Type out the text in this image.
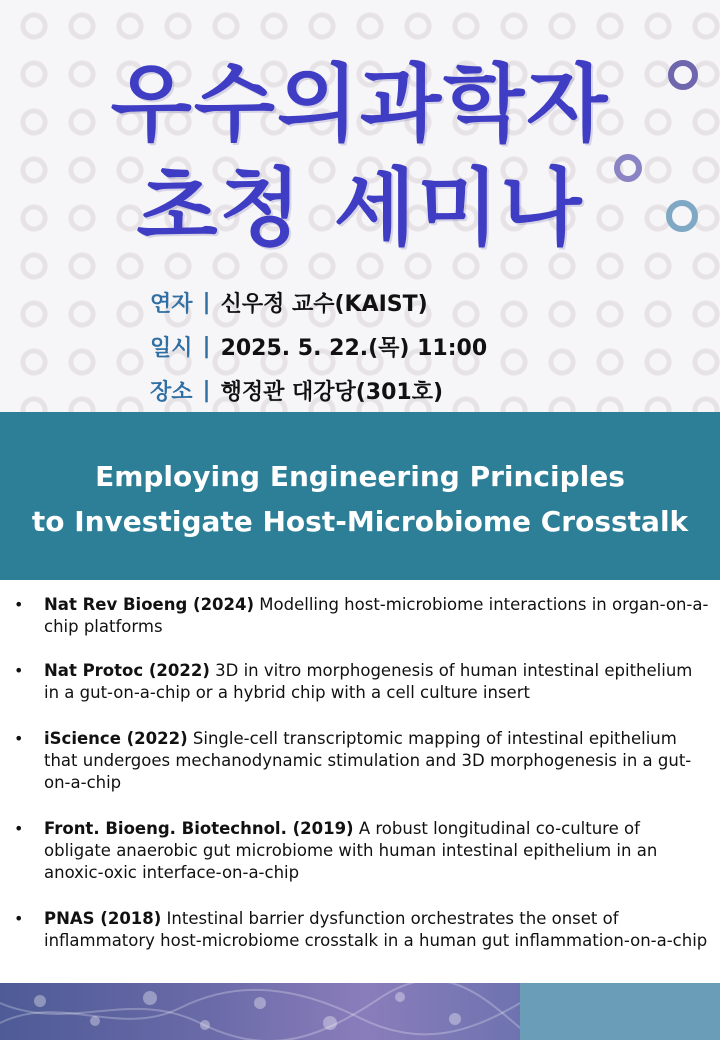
우수의과학자
초청 세미나
연자 | 신우정 교수(KAIST)
일시 | 2025. 5. 22.(목) 11:00
장소 | 행정관 대강당(301호)
Employing Engineering Principles
to Investigate Host-Microbiome Crosstalk
• Nat Rev Bioeng (2024) Modelling host-microbiome interactions in organ-on-a-chip platforms
• Nat Protoc (2022) 3D in vitro morphogenesis of human intestinal epithelium in a gut-on-a-chip or a hybrid chip with a cell culture insert
• iScience (2022) Single-cell transcriptomic mapping of intestinal epithelium that undergoes mechanodynamic stimulation and 3D morphogenesis in a gut-on-a-chip
• Front. Bioeng. Biotechnol. (2019) A robust longitudinal co-culture of obligate anaerobic gut microbiome with human intestinal epithelium in an anoxic-oxic interface-on-a-chip
• PNAS (2018) Intestinal barrier dysfunction orchestrates the onset of inflammatory host-microbiome crosstalk in a human gut inflammation-on-a-chip
